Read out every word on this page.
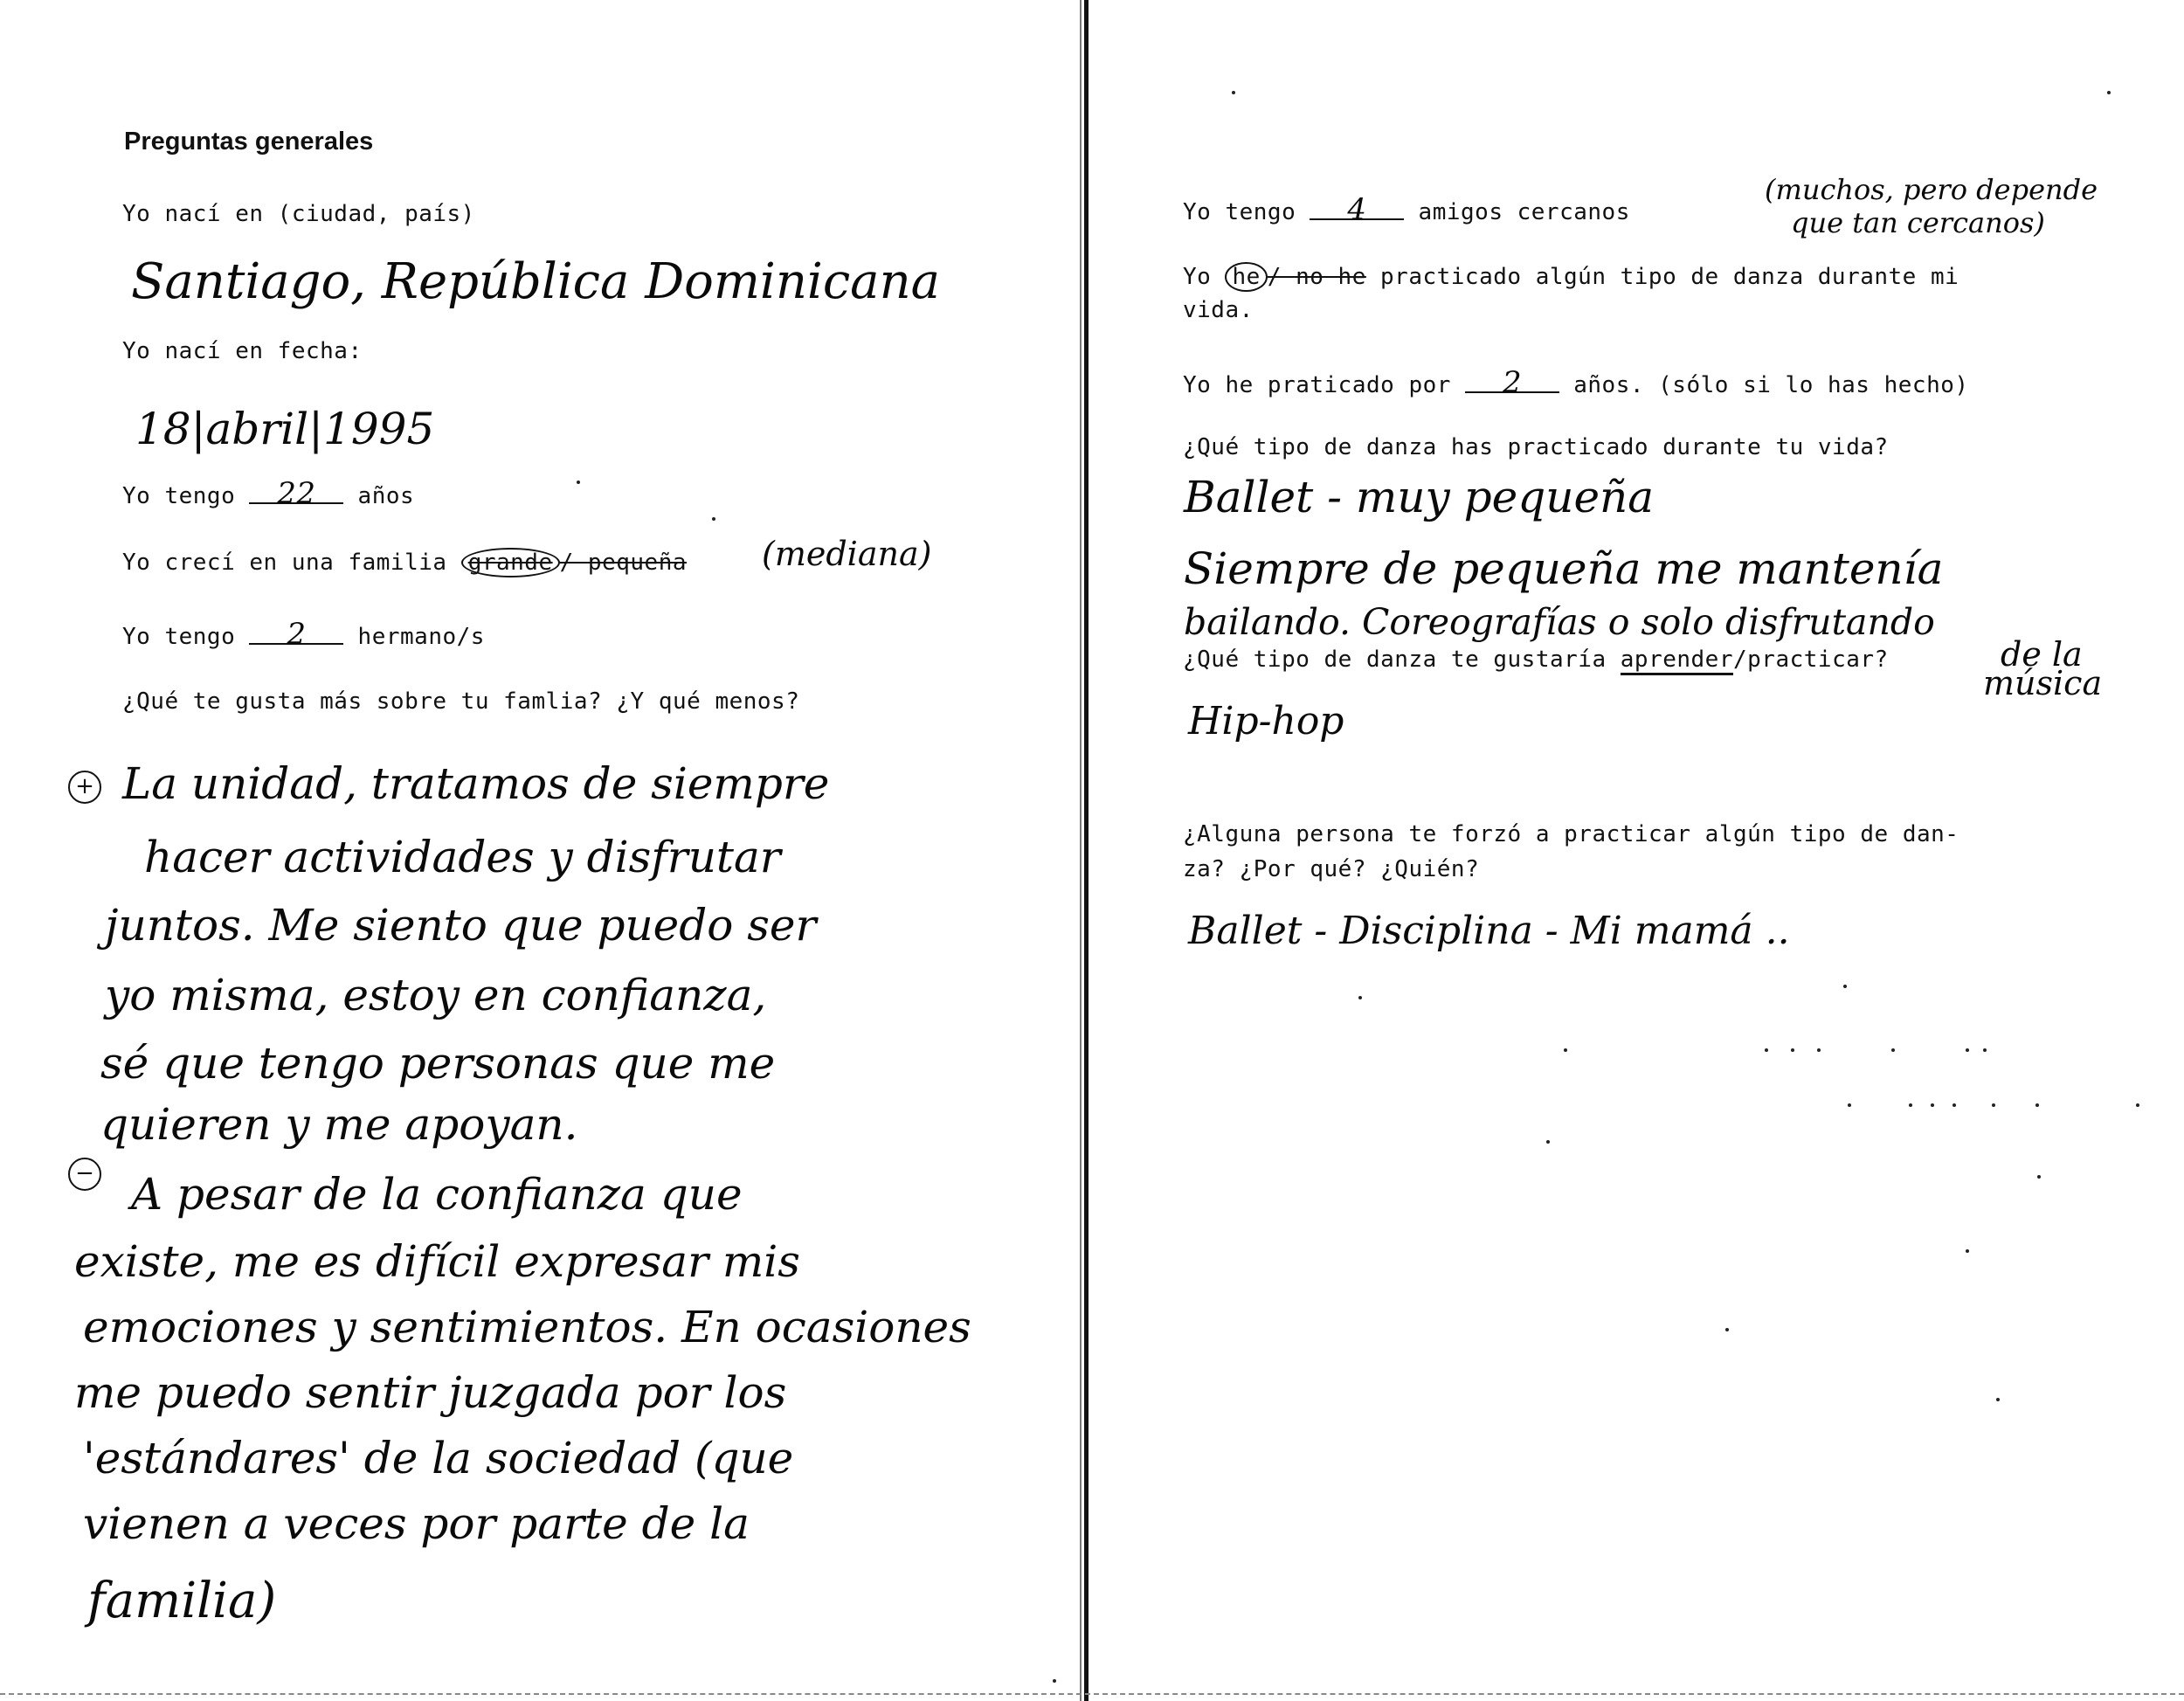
Preguntas generales
Yo nací en (ciudad, país)
Santiago, República Dominicana
Yo nací en fecha:
18|abril|1995
Yo tengo 22 años
Yo crecí en una familia grande / pequeña (mediana)
Yo tengo 2 hermano/s
¿Qué te gusta más sobre tu famlia? ¿Y qué menos?
+ La unidad, tratamos de siempre
hacer actividades y disfrutar
juntos. Me siento que puedo ser
yo misma, estoy en confianza,
sé que tengo personas que me
quieren y me apoyan.
− A pesar de la confianza que
existe, me es difícil expresar mis
emociones y sentimientos. En ocasiones
me puedo sentir juzgada por los
'estándares' de la sociedad (que
vienen a veces por parte de la
familia)
Yo tengo 4 amigos cercanos
(muchos, pero depende
que tan cercanos)
Yo he / no he practicado algún tipo de danza durante mi
vida.
Yo he praticado por 2 años. (sólo si lo has hecho)
¿Qué tipo de danza has practicado durante tu vida?
Ballet - muy pequeña
Siempre de pequeña me mantenía
bailando. Coreografías o solo disfrutando
de la
música
¿Qué tipo de danza te gustaría aprender/practicar?
Hip-hop
¿Alguna persona te forzó a practicar algún tipo de dan-
za? ¿Por qué? ¿Quién?
Ballet - Disciplina - Mi mamá ..
